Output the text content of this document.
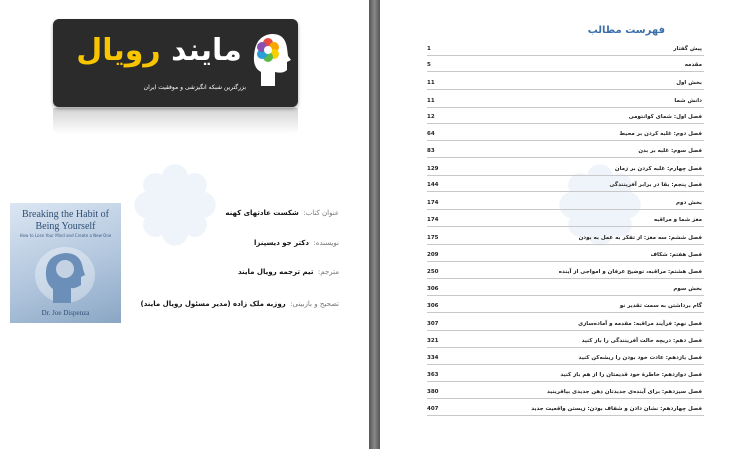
مایند رویال
بزرگترین شبکه انگیزشی و موفقیت ایران
Breaking the Habit of Being Yourself
How to Lose Your Mind and Create a New One
Dr. Joe Dispenza
عنوان کتاب:  شکست عادتهای کهنه
نویسنده:  دکتر جو دیسپنزا
مترجم:  تیم ترجمه رویال مایند
تصحیح و بازبینی:  روزبه ملک زاده (مدیر مسئول رویال مایند)
فهرست مطالب
پیش گفتار
1
مقدمه
5
بخش اول
11
دانش شما
11
فصل اول: شمای کوانتومی
12
فصل دوم: غلبه کردن بر محیط
64
فصل سوم: غلبه بر بدن
83
فصل چهارم: غلبه کردن بر زمان
129
فصل پنجم: بقا در برابر آفرینندگی
144
بخش دوم
174
مغز شما و مراقبه
174
فصل ششم: سه مغز: از تفکر به عمل به بودن
175
فصل هفتم: شکاف
209
فصل هشتم: مراقبه، توضیح عرفان و امواجی از آینده
250
بخش سوم
306
گام برداشتن به سمت تقدیر نو
306
فصل نهم: فرآیند مراقبه: مقدمه و آماده‌سازی
307
فصل دهم: دریچه حالت آفرینندگی را باز کنید
321
فصل یازدهم: عادت خود بودن را ریشه‌کن کنید
334
فصل دوازدهم: خاطرهٔ خود قدیمتان را از هم باز کنید
363
فصل سیزدهم: برای آینده‌ی جدیدتان ذهن جدیدی بیافرینید
380
فصل چهاردهم: نشان دادن و شفاف بودن: زیستن واقعیت جدید
407
